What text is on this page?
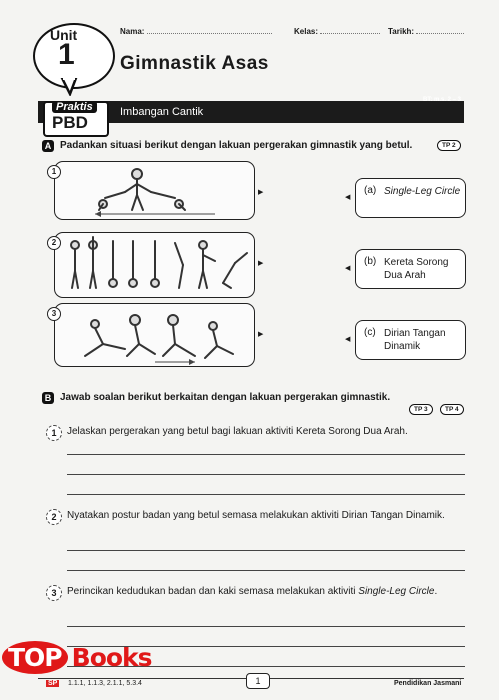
Nama:	Kelas:	Tarikh:
Unit
1 Gimnastik Asas
Praktis
PBD
Imbangan Cantik
BT: m.s. 2 – 3
A Padankan situasi berikut dengan lakuan pergerakan gimnastik yang betul.	TP 2
1
2
3
▶
▶
▶
◀
◀
◀
(a) Single-Leg Circle
(b) Kereta Sorong Dua Arah
(c) Dirian Tangan Dinamik
B Jawab soalan berikut berkaitan dengan lakuan pergerakan gimnastik.
TP 3	TP 4
1	Jelaskan pergerakan yang betul bagi lakuan aktiviti Kereta Sorong Dua Arah.
2	Nyatakan postur badan yang betul semasa melakukan aktiviti Dirian Tangan Dinamik.
3	Perincikan kedudukan badan dan kaki semasa melakukan aktiviti Single-Leg Circle.
SP 1.1.1, 1.1.3, 2.1.1, 5.3.4	1	Pendidikan Jasmani
TOP Books
